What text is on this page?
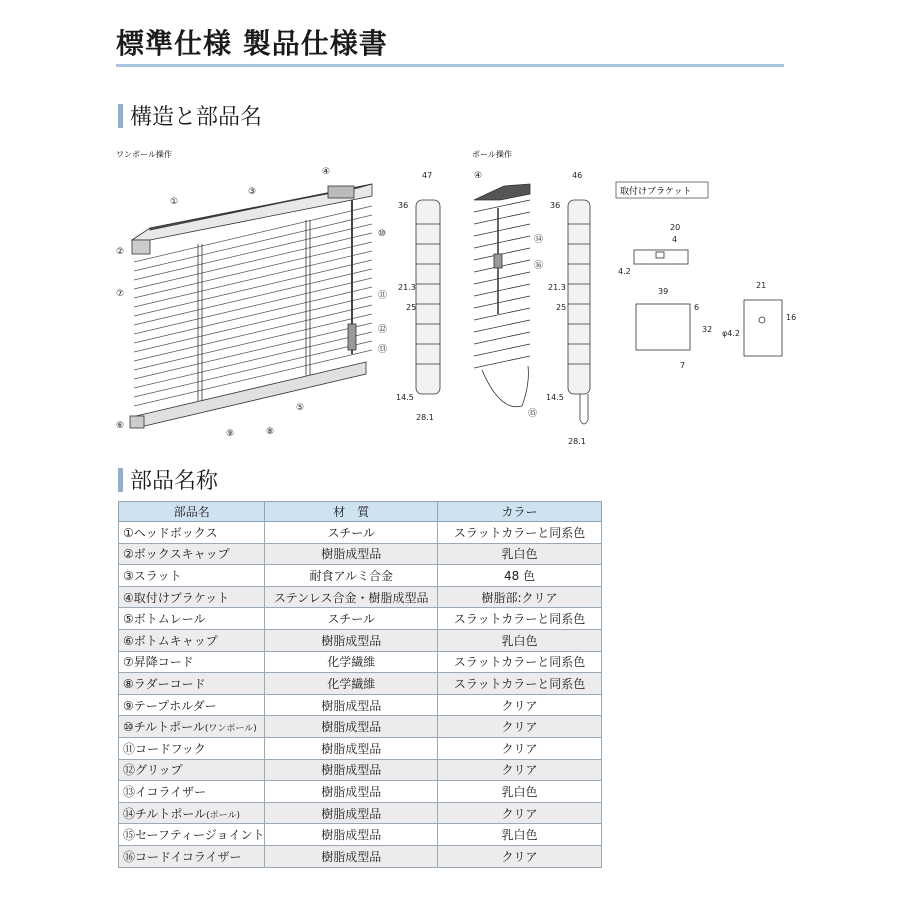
標準仕様 製品仕様書
構造と部品名
ワンポール操作	ポール操作
①
②
③
④
⑤
⑥
⑦
⑧
⑨
⑩
⑪
⑫
⑬
47
36
21.3
25
14.5
28.1
④
⑭
⑯
⑮
46
36
21.3
25
14.5
28.1
取付けブラケット
20
4
4.2
39
6
32
7
21
16
φ4.2
部品名称
部品名	材　質	カラー
①ヘッドボックス	スチール	スラットカラーと同系色
②ボックスキャップ	樹脂成型品	乳白色
③スラット	耐食アルミ合金	48 色
④取付けブラケット	ステンレス合金・樹脂成型品	樹脂部:クリア
⑤ボトムレール	スチール	スラットカラーと同系色
⑥ボトムキャップ	樹脂成型品	乳白色
⑦昇降コード	化学繊維	スラットカラーと同系色
⑧ラダーコード	化学繊維	スラットカラーと同系色
⑨テープホルダー	樹脂成型品	クリア
⑩チルトポール(ワンポール)	樹脂成型品	クリア
⑪コードフック	樹脂成型品	クリア
⑫グリップ	樹脂成型品	クリア
⑬イコライザー	樹脂成型品	乳白色
⑭チルトポール(ポール)	樹脂成型品	クリア
⑮セーフティージョイント	樹脂成型品	乳白色
⑯コードイコライザー	樹脂成型品	クリア
